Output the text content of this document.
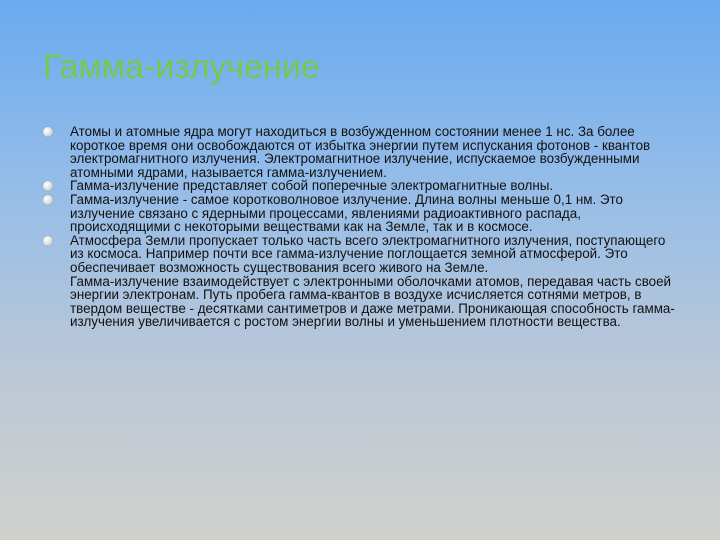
Гамма-излучение
Атомы и атомные ядра могут находиться в возбужденном состоянии менее 1 нс. За более короткое время они освобождаются от избытка энергии путем испускания фотонов - квантов электромагнитного излучения. Электромагнитное излучение, испускаемое возбужденными атомными ядрами, называется гамма-излучением.
Гамма-излучение представляет собой поперечные электромагнитные волны.
Гамма-излучение - самое коротковолновое излучение. Длина волны меньше 0,1 нм. Это излучение связано с ядерными процессами, явлениями радиоактивного распада, происходящими с некоторыми веществами как на Земле, так и в космосе.
Атмосфера Земли пропускает только часть всего электромагнитного излучения, поступающего из космоса. Например почти все гамма-излучение поглощается земной атмосферой. Это обеспечивает возможность существования всего живого на Земле.

Гамма-излучение взаимодействует с электронными оболочками атомов, передавая часть своей энергии электронам. Путь пробега гамма-квантов в воздухе исчисляется сотнями метров, в твердом веществе - десятками сантиметров и даже метрами. Проникающая способность гамма-излучения увеличивается с ростом энергии волны и уменьшением плотности вещества.
